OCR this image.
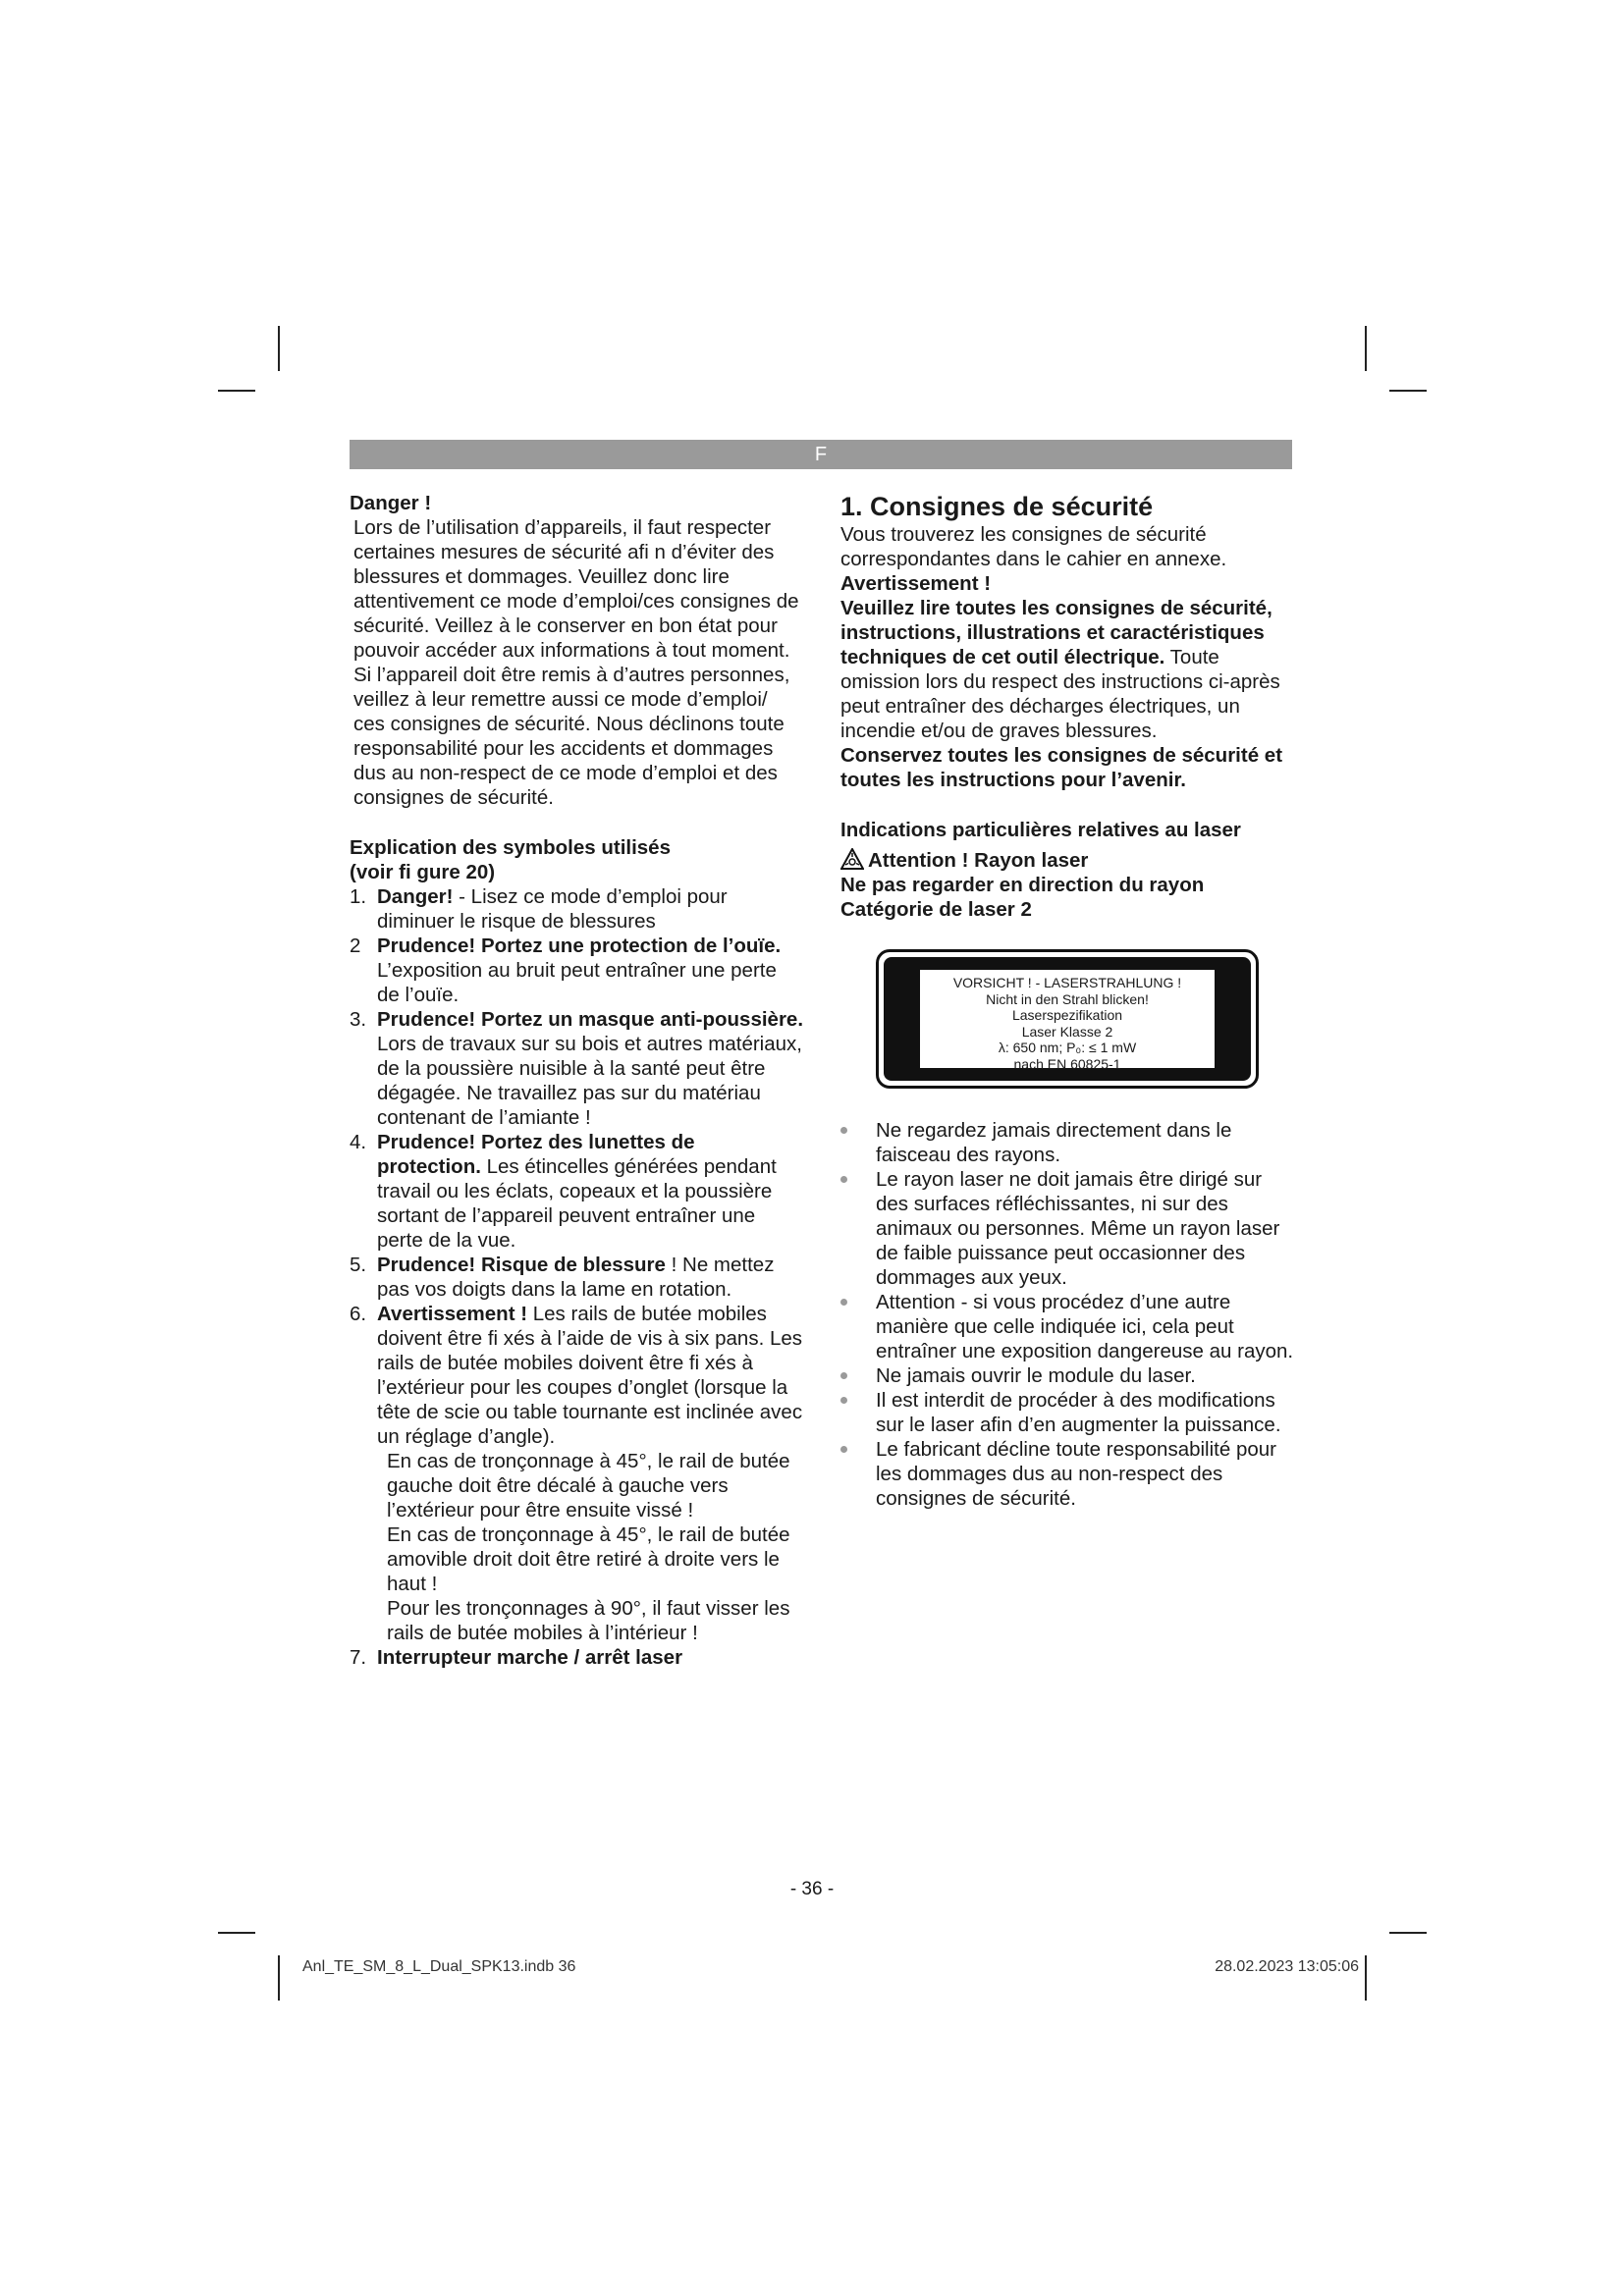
F

Danger !

Lors de l’utilisation d’appareils, il faut respecter certaines mesures de sécurité afi n d’éviter des blessures et dommages. Veuillez donc lire attentivement ce mode d’emploi/ces consignes de sécurité. Veillez à le conserver en bon état pour pouvoir accéder aux informations à tout moment. Si l’appareil doit être remis à d’autres personnes, veillez à leur remettre aussi ce mode d’emploi/ ces consignes de sécurité. Nous déclinons toute responsabilité pour les accidents et dommages dus au non-respect de ce mode d’emploi et des consignes de sécurité.

Explication des symboles utilisés

(voir fi gure 20)

1. Danger! - Lisez ce mode d’emploi pour diminuer le risque de blessures
2 Prudence! Portez une protection de l’ouïe. L’exposition au bruit peut entraîner une perte de l’ouïe.
3. Prudence! Portez un masque anti-poussière. Lors de travaux sur su bois et autres matériaux, de la poussière nuisible à la santé peut être dégagée. Ne travaillez pas sur du matériau contenant de l’amiante !
4. Prudence! Portez des lunettes de protection. Les étincelles générées pendant travail ou les éclats, copeaux et la poussière sortant de l’appareil peuvent entraîner une perte de la vue.
5. Prudence! Risque de blessure ! Ne mettez pas vos doigts dans la lame en rotation.
6. Avertissement ! Les rails de butée mobiles doivent être fi xés à l’aide de vis à six pans. Les rails de butée mobiles doivent être fi xés à l’extérieur pour les coupes d’onglet (lorsque la tête de scie ou table tournante est inclinée avec un réglage d’angle).
En cas de tronçonnage à 45°, le rail de butée gauche doit être décalé à gauche vers l’extérieur pour être ensuite vissé !
En cas de tronçonnage à 45°, le rail de butée amovible droit doit être retiré à droite vers le haut !
Pour les tronçonnages à 90°, il faut visser les rails de butée mobiles à l’intérieur !
7. Interrupteur marche / arrêt laser

1. Consignes de sécurité

Vous trouverez les consignes de sécurité correspondantes dans le cahier en annexe.

Avertissement !

Veuillez lire toutes les consignes de sécurité, instructions, illustrations et caractéristiques techniques de cet outil électrique. Toute omission lors du respect des instructions ci-après peut entraîner des décharges électriques, un incendie et/ou de graves blessures.

Conservez toutes les consignes de sécurité et toutes les instructions pour l’avenir.

Indications particulières relatives au laser

Attention ! Rayon laser

Ne pas regarder en direction du rayon

Catégorie de laser 2

VORSICHT ! - LASERSTRAHLUNG !
Nicht in den Strahl blicken!
Laserspezifikation
Laser Klasse 2
λ: 650 nm; P₀: ≤ 1 mW
nach EN 60825-1
Ne regardez jamais directement dans le faisceau des rayons.
Le rayon laser ne doit jamais être dirigé sur des surfaces réfléchissantes, ni sur des animaux ou personnes. Même un rayon laser de faible puissance peut occasionner des dommages aux yeux.
Attention - si vous procédez d’une autre manière que celle indiquée ici, cela peut entraîner une exposition dangereuse au rayon.
Ne jamais ouvrir le module du laser.
Il est interdit de procéder à des modifications sur le laser afin d’en augmenter la puissance.
Le fabricant décline toute responsabilité pour les dommages dus au non-respect des consignes de sécurité.
- 36 -
Anl_TE_SM_8_L_Dual_SPK13.indb 36	28.02.2023 13:05:06
